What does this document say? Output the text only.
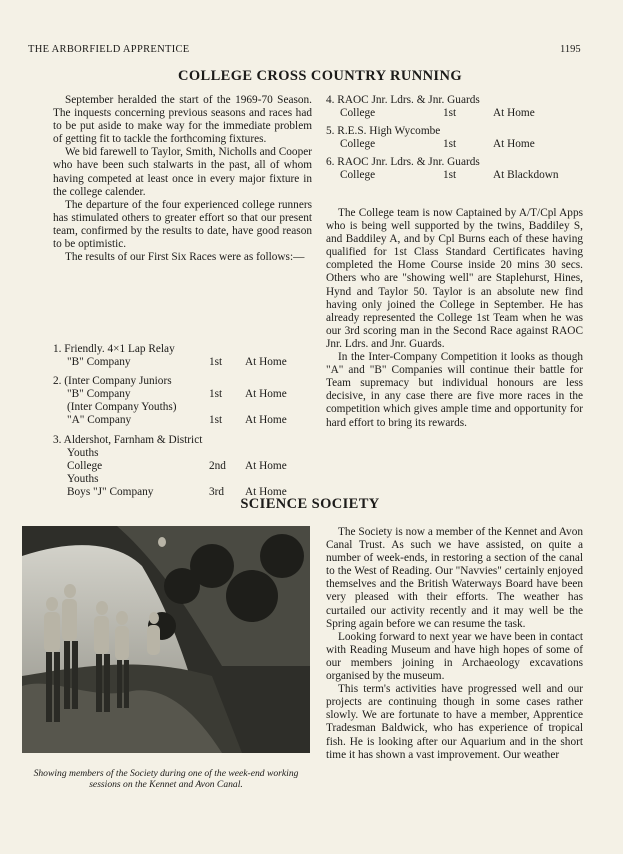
THE ARBORFIELD APPRENTICE	1195
COLLEGE CROSS COUNTRY RUNNING

September heralded the start of the 1969-70 Season. The inquests concerning previous seasons and races had to be put aside to make way for the immediate problem of getting fit to tackle the forthcoming fixtures.

We bid farewell to Taylor, Smith, Nicholls and Cooper who have been such stalwarts in the past, all of whom having competed at least once in every major fixture in the college calender.

The departure of the four experienced college runners has stimulated others to greater effort so that our present team, confirmed by the results to date, have good reason to be optimistic.

The results of our First Six Races were as follows:—

1. Friendly. 4×1 Lap Relay
"B" Company	1st	At Home
2. (Inter Company Juniors
"B" Company	1st	At Home
(Inter Company Youths)
"A" Company	1st	At Home
3. Aldershot, Farnham & District
Youths
College	2nd	At Home
Youths
Boys "J" Company	3rd	At Home
4. RAOC Jnr. Ldrs. & Jnr. Guards
College	1st	At Home
5. R.E.S. High Wycombe
College	1st	At Home
6. RAOC Jnr. Ldrs. & Jnr. Guards
College	1st	At Blackdown

The College team is now Captained by A/T/Cpl Apps who is being well supported by the twins, Baddiley S, and Baddiley A, and by Cpl Burns each of these having qualified for 1st Class Standard Certificates having completed the Home Course inside 20 mins 30 secs. Others who are "showing well" are Staplehurst, Hines, Hynd and Taylor 50. Taylor is an absolute new find having only joined the College in September. He has already represented the College 1st Team when he was our 3rd scoring man in the Second Race against RAOC Jnr. Ldrs. and Jnr. Guards.

In the Inter-Company Competition it looks as though "A" and "B" Companies will continue their battle for Team supremacy but individual honours are less decisive, in any case there are five more races in the competition which gives ample time and opportunity for hard effort to bring its rewards.

SCIENCE SOCIETY
Showing members of the Society during one of the week-end working sessions on the Kennet and Avon Canal.

The Society is now a member of the Kennet and Avon Canal Trust. As such we have assisted, on quite a number of week-ends, in restoring a section of the canal to the West of Reading. Our "Navvies" certainly enjoyed themselves and the British Waterways Board have been very pleased with their efforts. The weather has curtailed our activity recently and it may well be the Spring again before we can resume the task.

Looking forward to next year we have been in contact with Reading Museum and have high hopes of some of our members joining in Archaeology excavations organised by the museum.

This term's activities have progressed well and our projects are continuing though in some cases rather slowly. We are fortunate to have a member, Apprentice Tradesman Baldwick, who has experience of tropical fish. He is looking after our Aquarium and in the short time it has shown a vast improvement. Our weather
